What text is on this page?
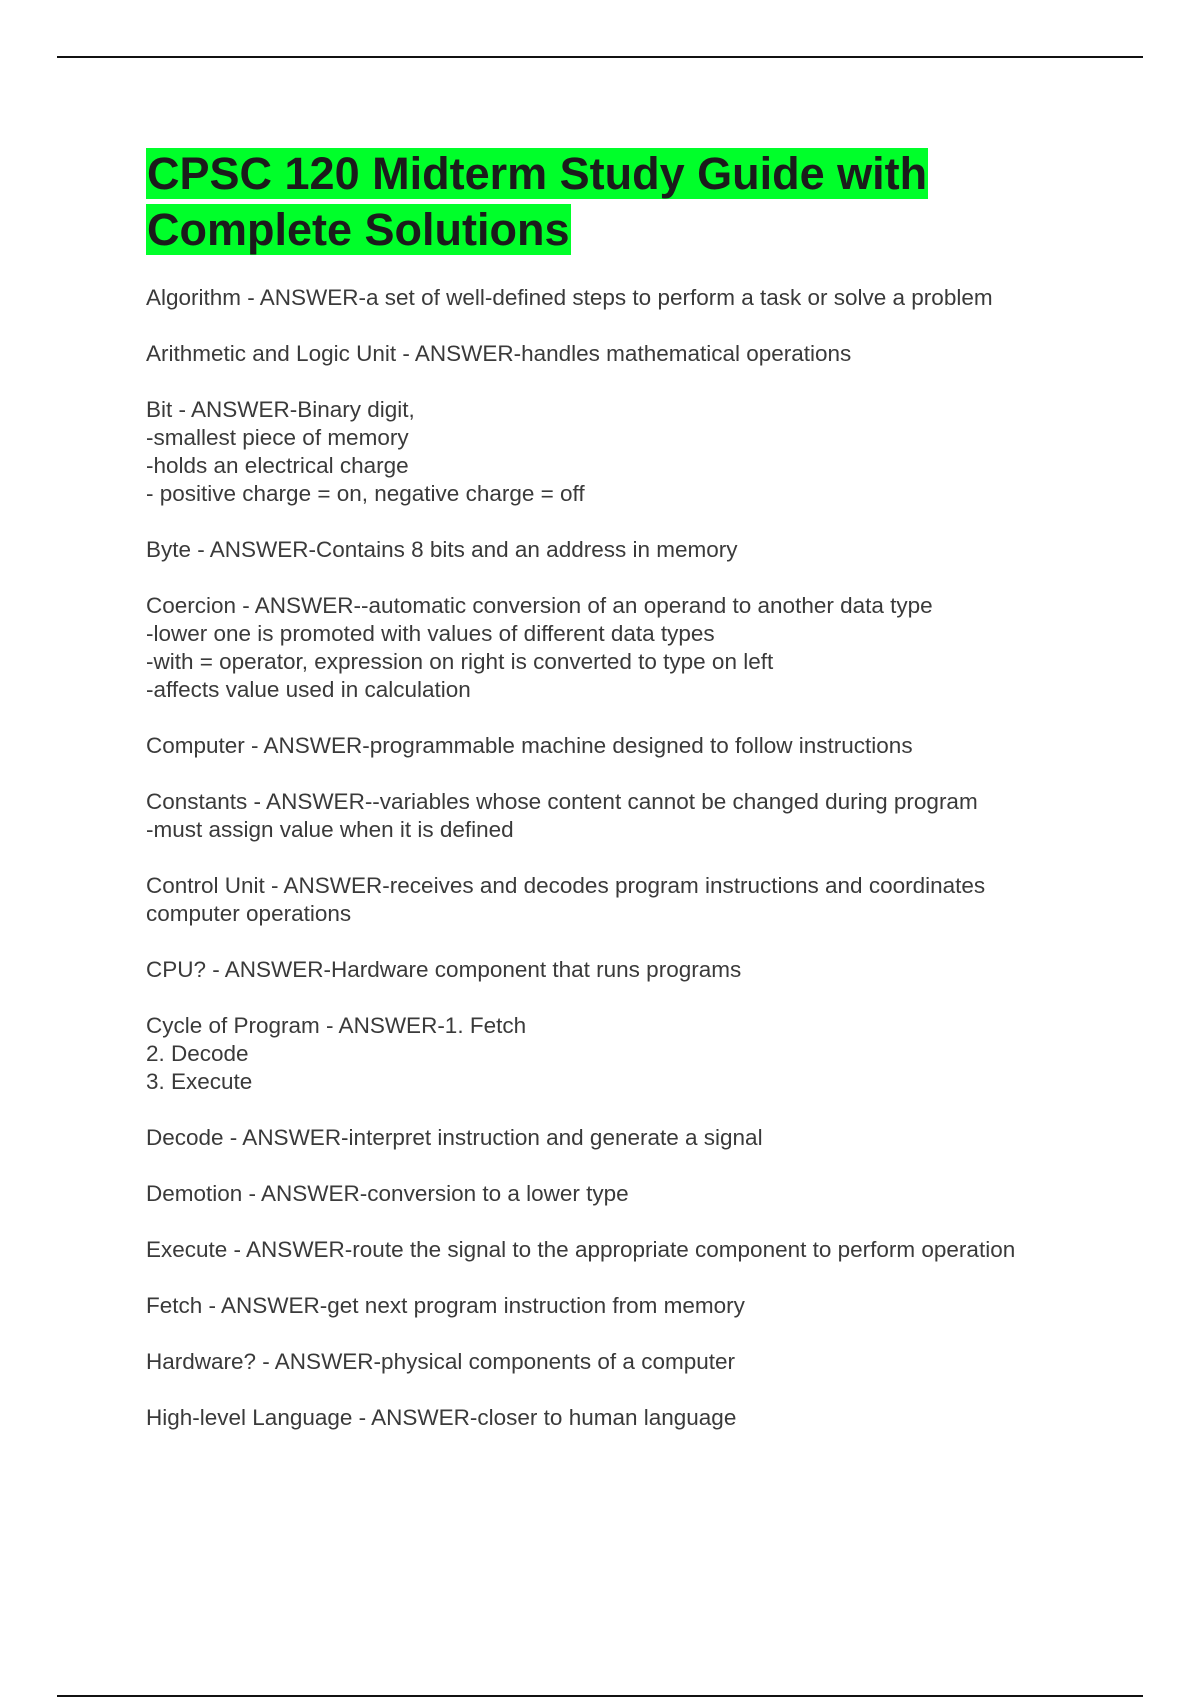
CPSC 120 Midterm Study Guide with
Complete Solutions
Algorithm - ANSWER-a set of well-defined steps to perform a task or solve a problem
Arithmetic and Logic Unit - ANSWER-handles mathematical operations
Bit - ANSWER-Binary digit,
-smallest piece of memory
-holds an electrical charge
- positive charge = on, negative charge = off
Byte - ANSWER-Contains 8 bits and an address in memory
Coercion - ANSWER--automatic conversion of an operand to another data type
-lower one is promoted with values of different data types
-with = operator, expression on right is converted to type on left
-affects value used in calculation
Computer - ANSWER-programmable machine designed to follow instructions
Constants - ANSWER--variables whose content cannot be changed during program
-must assign value when it is defined
Control Unit - ANSWER-receives and decodes program instructions and coordinates
computer operations
CPU? - ANSWER-Hardware component that runs programs
Cycle of Program - ANSWER-1. Fetch
2. Decode
3. Execute
Decode - ANSWER-interpret instruction and generate a signal
Demotion - ANSWER-conversion to a lower type
Execute - ANSWER-route the signal to the appropriate component to perform operation
Fetch - ANSWER-get next program instruction from memory
Hardware? - ANSWER-physical components of a computer
High-level Language - ANSWER-closer to human language
